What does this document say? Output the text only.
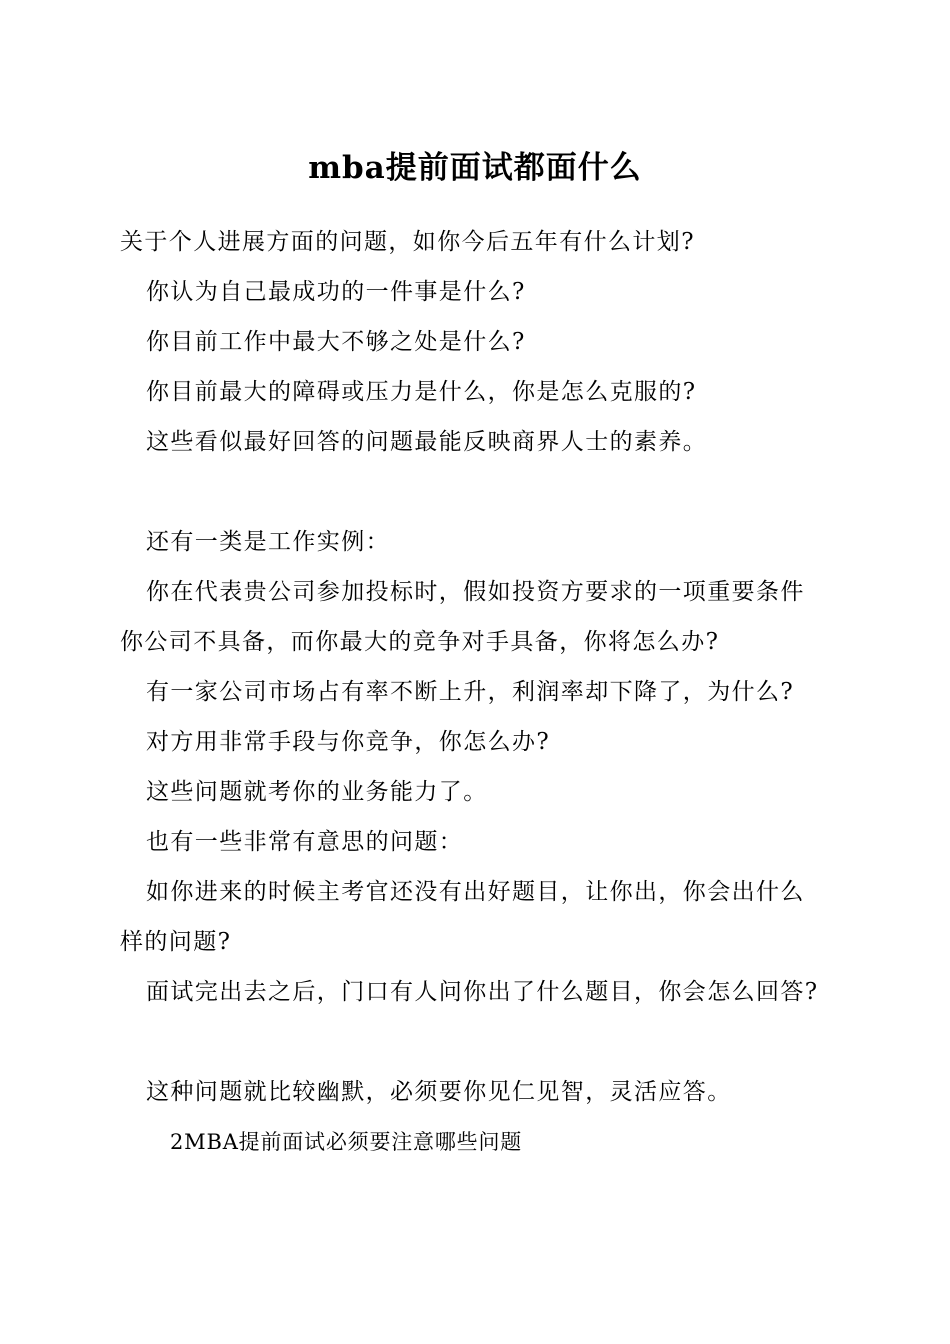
mba提前面试都面什么
关于个人进展方面的问题，如你今后五年有什么计划?
你认为自己最成功的一件事是什么?
你目前工作中最大不够之处是什么?
你目前最大的障碍或压力是什么，你是怎么克服的?
这些看似最好回答的问题最能反映商界人士的素养。
还有一类是工作实例：
你在代表贵公司参加投标时，假如投资方要求的一项重要条件
你公司不具备，而你最大的竞争对手具备，你将怎么办?
有一家公司市场占有率不断上升，利润率却下降了，为什么?
对方用非常手段与你竞争，你怎么办?
这些问题就考你的业务能力了。
也有一些非常有意思的问题：
如你进来的时候主考官还没有出好题目，让你出，你会出什么
样的问题?
面试完出去之后，门口有人问你出了什么题目，你会怎么回答?
这种问题就比较幽默，必须要你见仁见智，灵活应答。
2MBA提前面试必须要注意哪些问题
